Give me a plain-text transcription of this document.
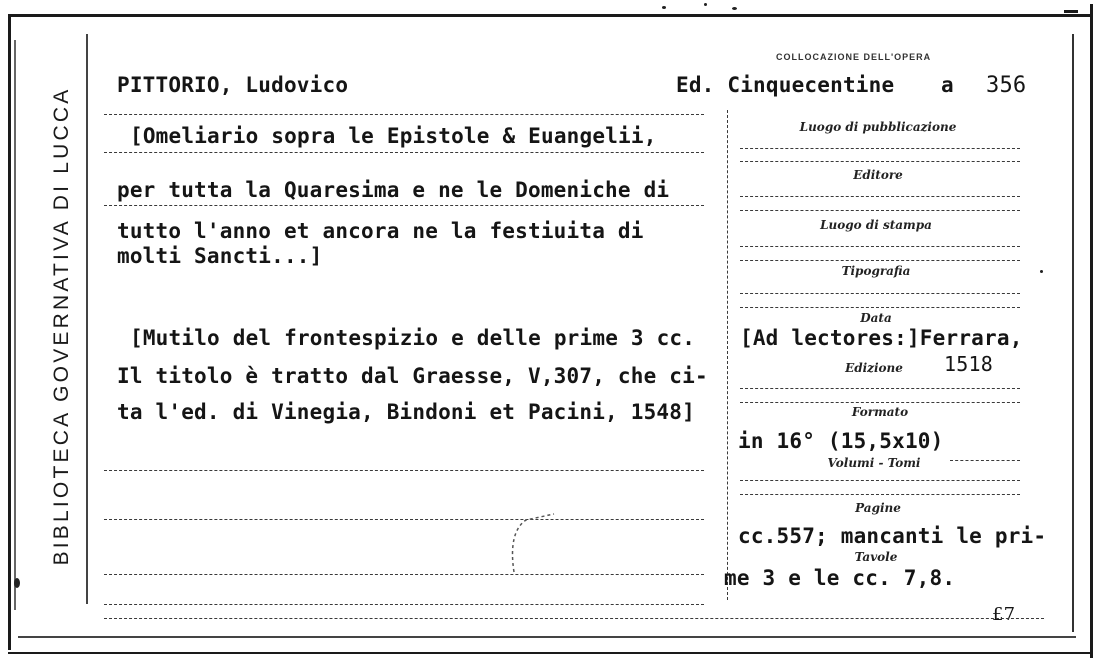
BIBLIOTECA GOVERNATIVA DI LUCCA
COLLOCAZIONE DELL'OPERA
PITTORIO, Ludovico	Ed. Cinquecentine a 356
[Omeliario sopra le Epistole & Euangelii,
per tutta la Quaresima e ne le Domeniche di
tutto l'anno et ancora ne la festiuita di
molti Sancti...]
[Mutilo del frontespizio e delle prime 3 cc.
Il titolo è tratto dal Graesse, V,307, che ci-
ta l'ed. di Vinegia, Bindoni et Pacini, 1548]
Luogo di pubblicazione
Editore
Luogo di stampa
Tipografia
Data
Edizione
Formato
Volumi - Tomi
Pagine
Tavole
[Ad lectores:]Ferrara,
1518
in 16° (15,5x10)
cc.557; mancanti le pri-
me 3 e le cc. 7,8.
£7
